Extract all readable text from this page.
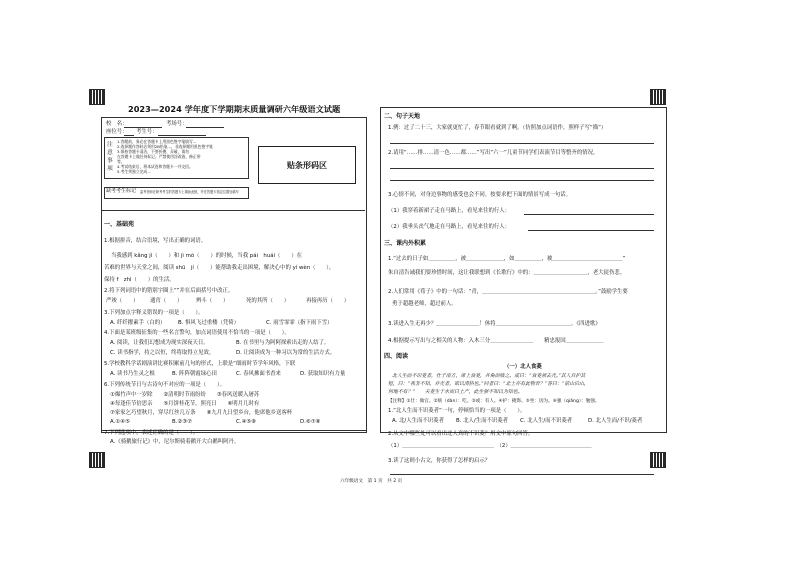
2023—2024 学年度下学期期末质量调研六年级语文试题
校　名：	考场号：
座位号： 考生号：
注意事项
1.答题前，务必在答题卡上用黑色签字笔填写...
2.选择题作答时必须用2B铅笔...，非选择题用黑色签字笔
3.保持答题卡清洁，不要折叠、弄破，请勿
在答题卡上做任何标记。严禁使用涂改液、修正带
等。
4.考试结束后，将本试卷和答题卡一并交回。
5.考生须独立完成...
贴条形码区
缺考考生标记 监考老师在缺考考生的答题卡上填涂此框，并在答题卡指定位置处填写
一、基础苑
1.根据拼音，结合语境，写出正确的词语。
当我感到 kǎng jì（　　）和 jì mò（　　）的时候，当我 pái　huái（　　）在
苦难的世界与天堂之间，阅读 shū　jí（　　）能帮助我走出困境，解决心中的 yí wèn（　　），
保持 f　zhì（　　）的生活。
2.将下列词语中的错别字圈上“”并在后面括号中改正。
严竣（　　） 通宵（　　）	辨斗（　　）	死的其所（　　）	再接再历（　　）
3.下列加点字释义错误的一项是（　　）。
A. 纤纤擢素手（白的） B. 惧风飞过重楼（凭倚）	C. 雨雪霏霏（指下雨下雪）
4.下面是某班级征集的一些名言警句，加点词语使用不恰当的一项是（　　）。
A. 阅读，让我们幻想成为现实深夜天日。	B. 在书里与为阿阿探索出走的人结了。
C. 读书指学，持之以恒，终将取得立见效。	D. 让阅读成为一种习以为常的生活方式。
5.学校教科学话剧演讲比赛积累前几句的形式，上联是“细雨时节学年风格，下联
A. 读书乃生灵之根	B. 阵阵朝霞绿心田	C. 春风拂面书香来	D. 获取知识有力量
6.下列传统节日与古诗句不对应的一项是（　　）。
①爆竹声中一岁除　　②清明时节雨纷纷　　③春风送暖入屠苏
④每逢佳节倍思亲　　⑤月饼桂花节，照亮日　　⑥明月几时有
⑦家家乞巧望秋月，穿尽红丝几万条　　⑧九月九日望乡台，他席他乡送客杯
A.①④⑤	B.②③⑦	C.④⑤⑧	D.⑥⑦⑧
7.下列选项中，表述正确的是（　　）。
A.《骑鹅旅行记》中，尼尔斯骑着鹅开大白鹅叫阿丹。
二、句子天地
1.例：过了二十三，大家就更忙了，春节眼看就到了啊。（仿照加点词语作，照样子写“描”）
2.请用“……排……清一色……都……”写出“六一”儿童节同学们表演节目等整齐的情况。
3.心情不同，对身边事物的感受也会不同。按要求把下面的情景写成一句话。
（1）我穿着新裙子走在马路上，看见来往的行人：
（2）我垂头丧气地走在马路上，看见来往的行人：
三、课内外积累
1.“过去的日子如＿＿＿＿＿，被＿＿＿＿＿＿＿，如＿＿＿＿＿，被＿＿＿＿＿＿＿＿＿＿＿＿＿”
朱自清告诫我们要珍惜时间，这让我联想到《长歌行》中的：＿＿＿＿＿＿＿＿＿＿，老大徒伤悲。
2.人们常用《荀子》中的一句话：“青，＿＿＿＿＿＿＿＿＿＿＿＿＿＿＿＿＿＿＿＿＿。”鼓励学生要
勇于超越老师，超过前人。
3.读进入生无再少？＿＿＿＿＿＿＿＿！休将＿＿＿＿＿＿＿＿＿＿＿＿＿＿。《四进歌》
4.根据提示写出与之相关的人物：入木三分＿＿＿＿＿＿＿＿　　精忠报国＿＿＿＿＿＿＿
四、阅读
（一）北人食菱
北人生而不识菱者，仕于南方，席上食菱，并角而啖之。或曰：“食菱须去壳。”其人自护其
短，曰：“我非不知，并壳者，欲以清热也。”问者曰：“北土亦有此物否？”答曰：“前山后山，
何地不有？”　　夫菱生于水而曰土产，此坐强不知以为知也。
【注释】①仕：做官。②啖（dàn）：吃。③或：有人。④护：掩饰。⑤坐：因为。⑥强（qiǎng）：勉强。
1.“北人生而不识菱者”一句，停顿恰当的一项是（　　）。
A. 北/人生而不识菱者 B. 北人/生而不识菱者 C. 北人生/而不识菱者	D. 北人生而/不识/菱者
2.从文中哪些处可以看出北人真的不识菱？用文中原句回答。
（1）＿＿＿＿＿＿＿＿＿＿＿＿＿＿＿＿＿　（2）＿＿＿＿＿＿＿＿＿＿＿＿＿＿＿
3.读了这则小古文，你获得了怎样的启示？
六年级语文　第 1 页　共 2 页
